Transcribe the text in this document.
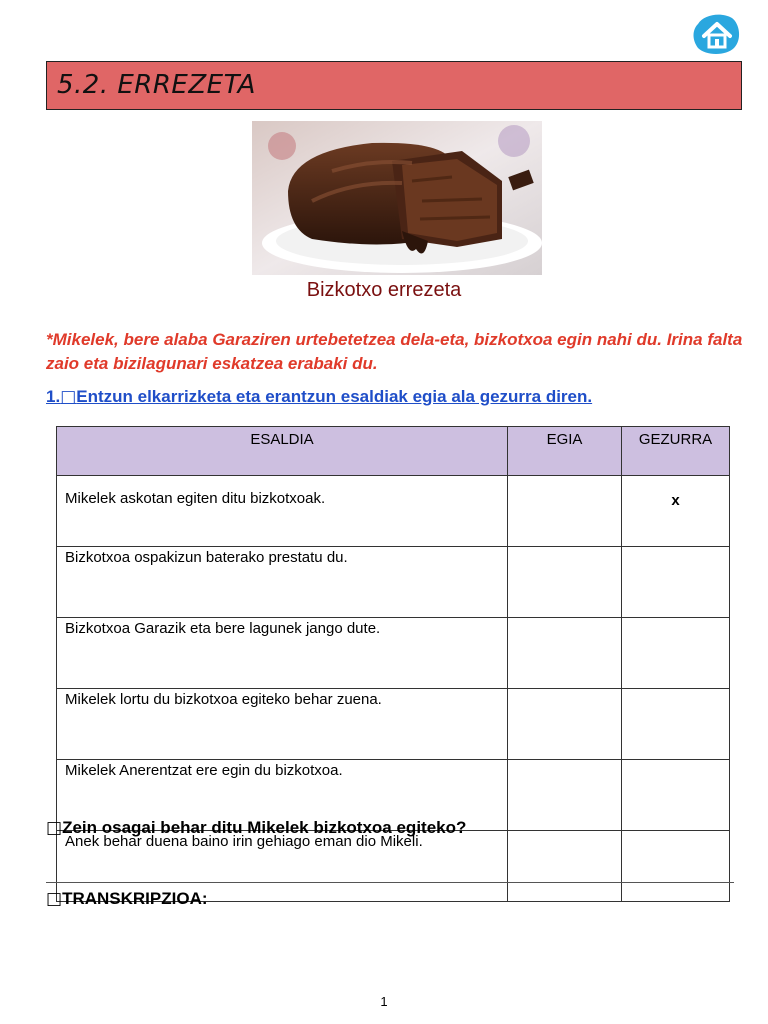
5.2. ERREZETA
Bizkotxo errezeta
*Mikelek, bere alaba Garaziren urtebetetzea dela-eta, bizkotxoa egin nahi du. Irina falta zaio eta bizilagunari eskatzea erabaki du.
1.□Entzun elkarrizketa eta erantzun esaldiak egia ala gezurra diren.
ESALDIA	EGIA	GEZURRA
Mikelek askotan egiten ditu bizkotxoak.		x
Bizkotxoa ospakizun baterako prestatu du.		
Bizkotxoa Garazik eta bere lagunek jango dute.		
Mikelek lortu du bizkotxoa egiteko behar zuena.		
Mikelek Anerentzat ere egin du bizkotxoa.		
Anek behar duena baino irin gehiago eman dio Mikeli.		
□Zein osagai behar ditu Mikelek bizkotxoa egiteko?
□TRANSKRIPZIOA:
1
